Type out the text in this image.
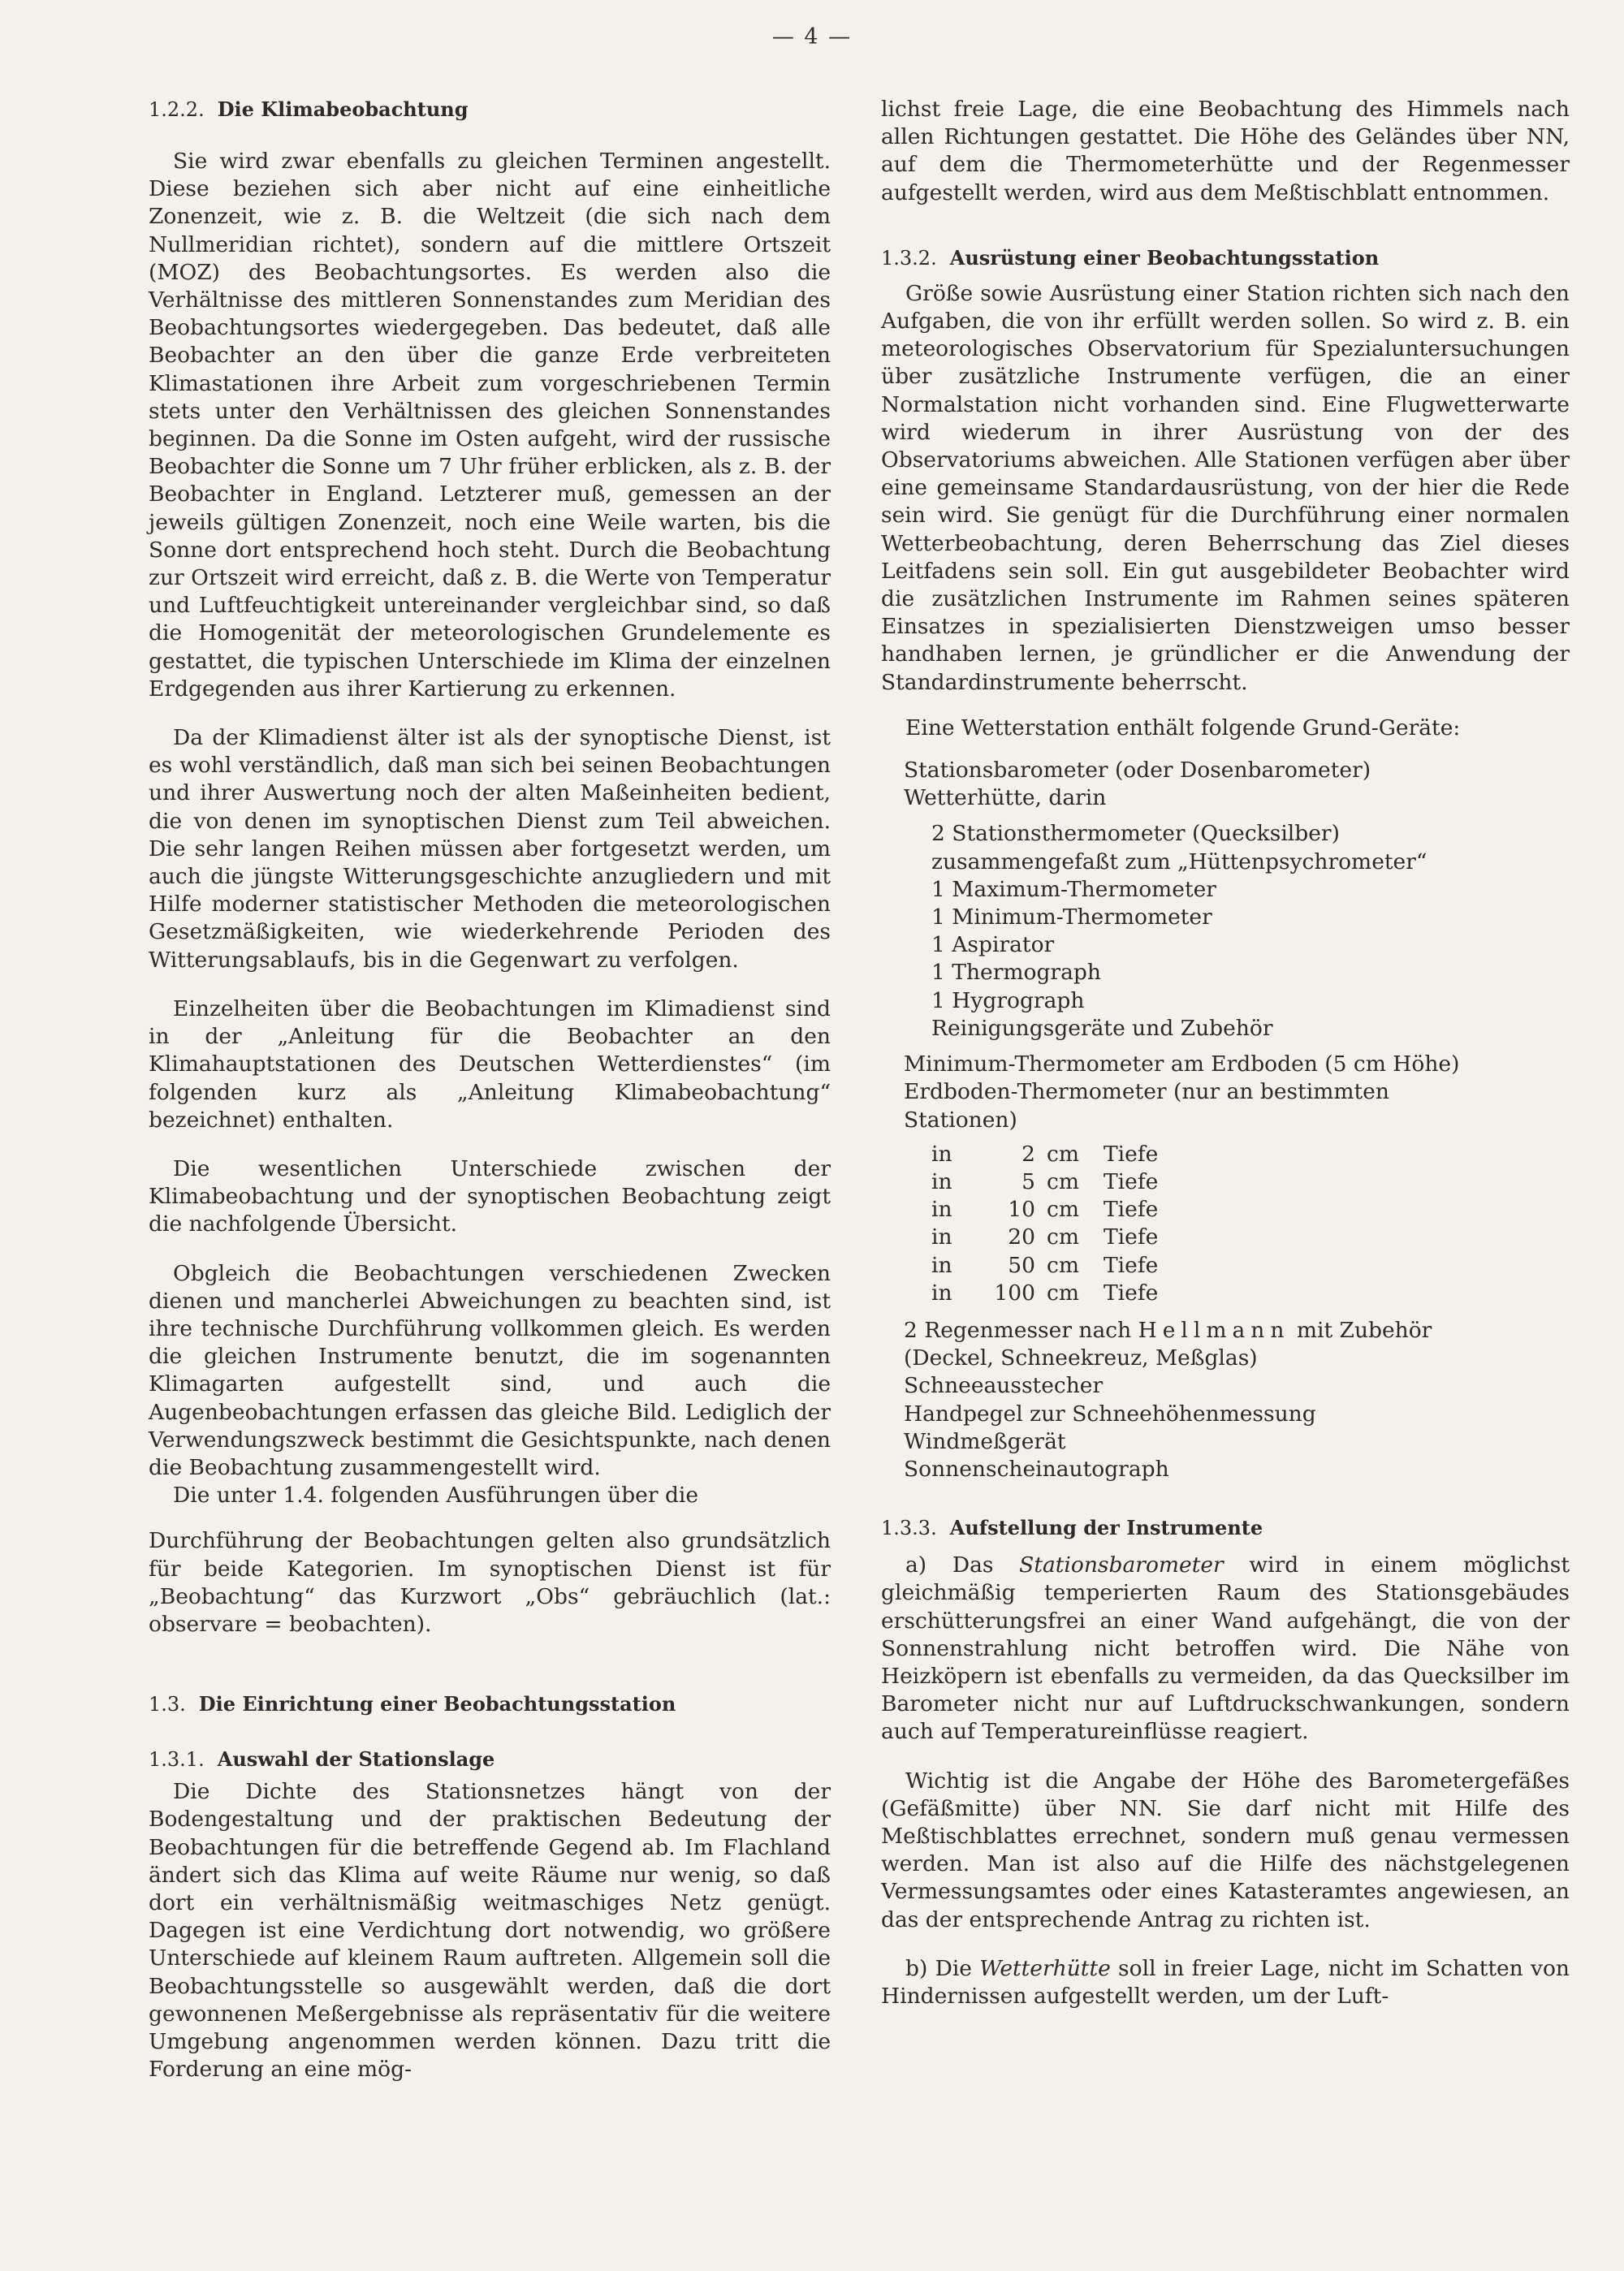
— 4 —
1.2.2. Die Klimabeobachtung

Sie wird zwar ebenfalls zu gleichen Terminen angestellt. Diese beziehen sich aber nicht auf eine einheitliche Zonenzeit, wie z. B. die Weltzeit (die sich nach dem Nullmeridian richtet), sondern auf die mittlere Ortszeit (MOZ) des Beobachtungsortes. Es werden also die Verhältnisse des mittleren Sonnenstandes zum Meridian des Beobachtungsortes wiedergegeben. Das bedeutet, daß alle Beobachter an den über die ganze Erde verbreiteten Klimastationen ihre Arbeit zum vorgeschriebenen Termin stets unter den Verhältnissen des gleichen Sonnenstandes beginnen. Da die Sonne im Osten aufgeht, wird der russische Beobachter die Sonne um 7 Uhr früher erblicken, als z. B. der Beobachter in England. Letzterer muß, gemessen an der jeweils gültigen Zonenzeit, noch eine Weile warten, bis die Sonne dort entsprechend hoch steht. Durch die Beobachtung zur Ortszeit wird erreicht, daß z. B. die Werte von Temperatur und Luftfeuchtigkeit untereinander vergleichbar sind, so daß die Homogenität der meteorologischen Grundelemente es gestattet, die typischen Unterschiede im Klima der einzelnen Erdgegenden aus ihrer Kartierung zu erkennen.

Da der Klimadienst älter ist als der synoptische Dienst, ist es wohl verständlich, daß man sich bei seinen Beobachtungen und ihrer Auswertung noch der alten Maßeinheiten bedient, die von denen im synoptischen Dienst zum Teil abweichen. Die sehr langen Reihen müssen aber fortgesetzt werden, um auch die jüngste Witterungsgeschichte anzugliedern und mit Hilfe moderner statistischer Methoden die meteorologischen Gesetzmäßigkeiten, wie wiederkehrende Perioden des Witterungsablaufs, bis in die Gegenwart zu verfolgen.

Einzelheiten über die Beobachtungen im Klimadienst sind in der „Anleitung für die Beobachter an den Klimahauptstationen des Deutschen Wetterdienstes“ (im folgenden kurz als „Anleitung Klimabeobachtung“ bezeichnet) enthalten.

Die wesentlichen Unterschiede zwischen der Klimabeobachtung und der synoptischen Beobachtung zeigt die nachfolgende Übersicht.

Obgleich die Beobachtungen verschiedenen Zwecken dienen und mancherlei Abweichungen zu beachten sind, ist ihre technische Durchführung vollkommen gleich. Es werden die gleichen Instrumente benutzt, die im sogenannten Klimagarten aufgestellt sind, und auch die Augenbeobachtungen erfassen das gleiche Bild. Lediglich der Verwendungszweck bestimmt die Gesichtspunkte, nach denen die Beobachtung zusammengestellt wird.

Die unter 1.4. folgenden Ausführungen über die

Durchführung der Beobachtungen gelten also grundsätzlich für beide Kategorien. Im synoptischen Dienst ist für „Beobachtung“ das Kurzwort „Obs“ gebräuchlich (lat.: observare = beobachten).

1.3. Die Einrichtung einer Beobachtungsstation
1.3.1. Auswahl der Stationslage

Die Dichte des Stationsnetzes hängt von der Bodengestaltung und der praktischen Bedeutung der Beobachtungen für die betreffende Gegend ab. Im Flachland ändert sich das Klima auf weite Räume nur wenig, so daß dort ein verhältnismäßig weitmaschiges Netz genügt. Dagegen ist eine Verdichtung dort notwendig, wo größere Unterschiede auf kleinem Raum auftreten. Allgemein soll die Beobachtungsstelle so ausgewählt werden, daß die dort gewonnenen Meßergebnisse als repräsentativ für die weitere Umgebung angenommen werden können. Dazu tritt die Forderung an eine mög-

lichst freie Lage, die eine Beobachtung des Himmels nach allen Richtungen gestattet. Die Höhe des Geländes über NN, auf dem die Thermometerhütte und der Regenmesser aufgestellt werden, wird aus dem Meßtischblatt entnommen.

1.3.2. Ausrüstung einer Beobachtungsstation

Größe sowie Ausrüstung einer Station richten sich nach den Aufgaben, die von ihr erfüllt werden sollen. So wird z. B. ein meteorologisches Observatorium für Spezialuntersuchungen über zusätzliche Instrumente verfügen, die an einer Normalstation nicht vorhanden sind. Eine Flugwetterwarte wird wiederum in ihrer Ausrüstung von der des Observatoriums abweichen. Alle Stationen verfügen aber über eine gemeinsame Standardausrüstung, von der hier die Rede sein wird. Sie genügt für die Durchführung einer normalen Wetterbeobachtung, deren Beherrschung das Ziel dieses Leitfadens sein soll. Ein gut ausgebildeter Beobachter wird die zusätzlichen Instrumente im Rahmen seines späteren Einsatzes in spezialisierten Dienstzweigen umso besser handhaben lernen, je gründlicher er die Anwendung der Standardinstrumente beherrscht.

Eine Wetterstation enthält folgende Grund-Geräte:

Stationsbarometer (oder Dosenbarometer)
Wetterhütte, darin
2 Stationsthermometer (Quecksilber)
zusammengefaßt zum „Hüttenpsychrometer“
1 Maximum-Thermometer
1 Minimum-Thermometer
1 Aspirator
1 Thermograph
1 Hygrograph
Reinigungsgeräte und Zubehör
Minimum-Thermometer am Erdboden (5 cm Höhe)
Erdboden-Thermometer (nur an bestimmten
Stationen)
in	2 cm	Tiefe
in	5 cm	Tiefe
in	10 cm	Tiefe
in	20 cm	Tiefe
in	50 cm	Tiefe
in	100 cm	Tiefe
2 Regenmesser nach Hellmann mit Zubehör
(Deckel, Schneekreuz, Meßglas)
Schneeausstecher
Handpegel zur Schneehöhenmessung
Windmeßgerät
Sonnenscheinautograph
1.3.3. Aufstellung der Instrumente

a) Das Stationsbarometer wird in einem möglichst gleichmäßig temperierten Raum des Stationsgebäudes erschütterungsfrei an einer Wand aufgehängt, die von der Sonnenstrahlung nicht betroffen wird. Die Nähe von Heizköpern ist ebenfalls zu vermeiden, da das Quecksilber im Barometer nicht nur auf Luftdruckschwankungen, sondern auch auf Temperatureinflüsse reagiert.

Wichtig ist die Angabe der Höhe des Barometergefäßes (Gefäßmitte) über NN. Sie darf nicht mit Hilfe des Meßtischblattes errechnet, sondern muß genau vermessen werden. Man ist also auf die Hilfe des nächstgelegenen Vermessungsamtes oder eines Katasteramtes angewiesen, an das der entsprechende Antrag zu richten ist.

b) Die Wetterhütte soll in freier Lage, nicht im Schatten von Hindernissen aufgestellt werden, um der Luft-
